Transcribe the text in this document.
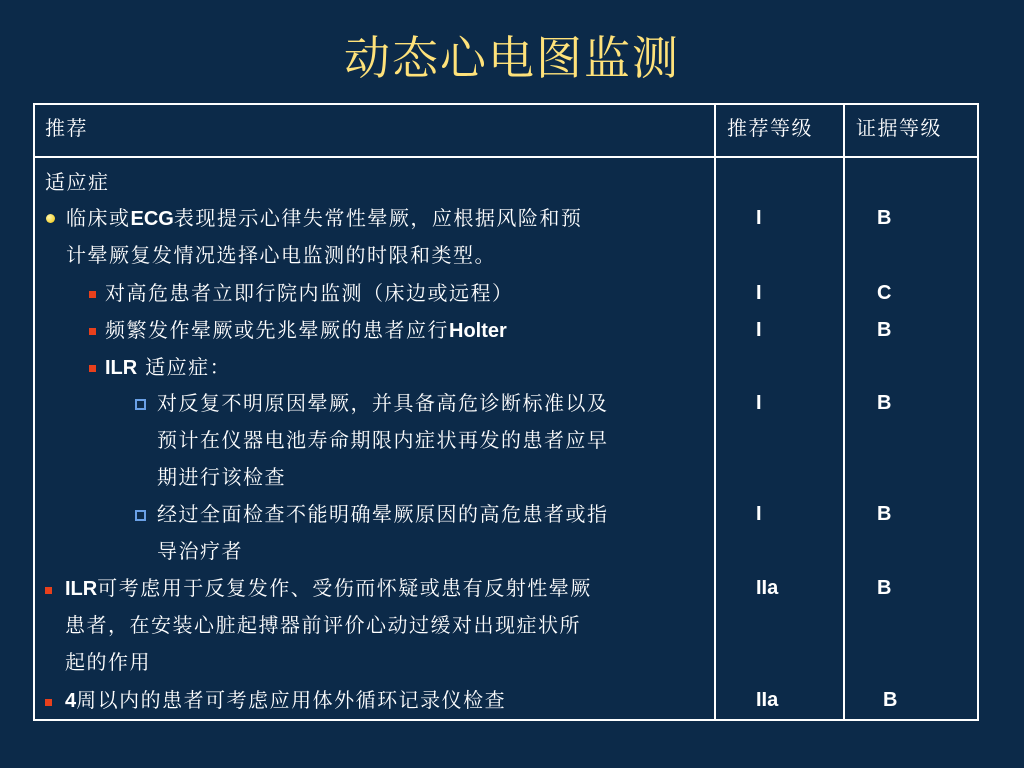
动态心电图监测
推荐	推荐等级 证据等级
适应症
临床或ECG表现提示心律失常性晕厥，应根据风险和预
计晕厥复发情况选择心电监测的时限和类型。
I	B
对高危患者立即行院内监测（床边或远程）	I	C
频繁发作晕厥或先兆晕厥的患者应行Holter	I	B
ILR 适应症：
对反复不明原因晕厥，并具备高危诊断标准以及
预计在仪器电池寿命期限内症状再发的患者应早
期进行该检查
I	B
经过全面检查不能明确晕厥原因的高危患者或指
导治疗者
I	B
ILR可考虑用于反复发作、受伤而怀疑或患有反射性晕厥
患者，在安装心脏起搏器前评价心动过缓对出现症状所
起的作用
IIa	B
4周以内的患者可考虑应用体外循环记录仪检查	IIa	B
